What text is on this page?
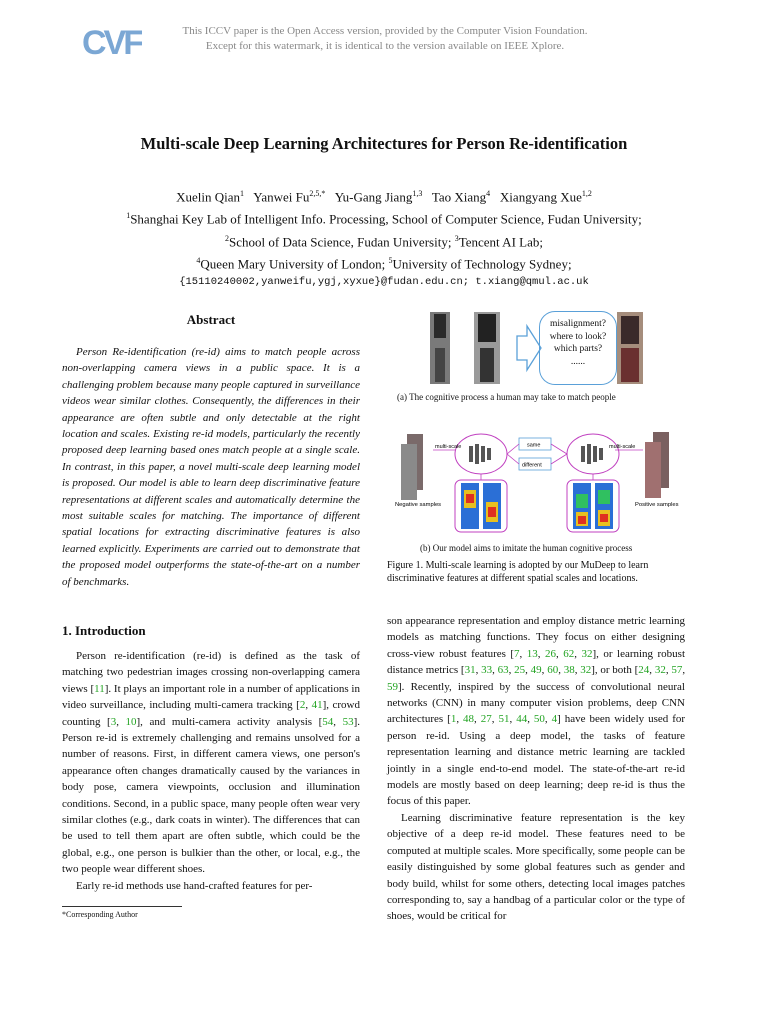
CVF	This ICCV paper is the Open Access version, provided by the Computer Vision Foundation.
Except for this watermark, it is identical to the version available on IEEE Xplore.
Multi-scale Deep Learning Architectures for Person Re-identification
Xuelin Qian$^1$ Yanwei $Fu^{2,5,*}$ Yu-Gang Jiang$^{1,3}$ Tao Xiang$^4$ Xiangyang Xue$^{1,2}$
$^1$Shanghai Key Lab of Intelligent Info. Processing, School of Computer Science, Fudan University;
$^2$School of Data Science, Fudan University; $^3$Tencent AI Lab;
$^4$Queen Mary University of London; $^5$University of Technology Sydney;
{15110240002,yanweifu,ygj,xyxue}@fudan.edu.cn; t.xiang@qmul.ac.uk
Abstract
Person Re-identification (re-id) aims to match people across non-overlapping camera views in a public space. It is a challenging problem because many people captured in surveillance videos wear similar clothes. Consequently, the differences in their appearance are often subtle and only detectable at the right location and scales. Existing re-id models, particularly the recently proposed deep learning based ones match people at a single scale. In contrast, in this paper, a novel multi-scale deep learning model is proposed. Our model is able to learn deep discriminative feature representations at different scales and automatically determine the most suitable scales for matching. The importance of different spatial locations for extracting discriminative features is also learned explicitly. Experiments are carried out to demonstrate that the proposed model outperforms the state-of-the-art on a number of benchmarks.
1. Introduction

Person re-identification (re-id) is defined as the task of matching two pedestrian images crossing non-overlapping camera views [11]. It plays an important role in a number of applications in video surveillance, including multi-camera tracking [2, 41], crowd counting [3, 10], and multi-camera activity analysis [54, 53]. Person re-id is extremely challenging and remains unsolved for a number of reasons. First, in different camera views, one person's appearance often changes dramatically caused by the variances in body pose, camera viewpoints, occlusion and illumination conditions. Second, in a public space, many people often wear very similar clothes (e.g., dark coats in winter). The differences that can be used to tell them apart are often subtle, which could be the global, e.g., one person is bulkier than the other, or local, e.g., the two people wear different shoes.

Early re-id methods use hand-crafted features for per-

*Corresponding Author
misalignment?
where to look?
which parts?
......
(a) The cognitive process a human may take to match people
multi-scale	multi-scale
same
different
Negative samples	Positive samples
(b) Our model aims to imitate the human cognitive process
Figure 1. Multi-scale learning is adopted by our MuDeep to learn discriminative features at different spatial scales and locations.

son appearance representation and employ distance metric learning models as matching functions. They focus on either designing cross-view robust features [7, 13, 26, 62, 32], or learning robust distance metrics [31, 33, 63, 25, 49, 60, 38, 32], or both [24, 32, 57, 59]. Recently, inspired by the success of convolutional neural networks (CNN) in many computer vision problems, deep CNN architectures [1, 48, 27, 51, 44, 50, 4] have been widely used for person re-id. Using a deep model, the tasks of feature representation learning and distance metric learning are tackled jointly in a single end-to-end model. The state-of-the-art re-id models are mostly based on deep learning; deep re-id is thus the focus of this paper.

Learning discriminative feature representation is the key objective of a deep re-id model. These features need to be computed at multiple scales. More specifically, some people can be easily distinguished by some global features such as gender and body build, whilst for some others, detecting local images patches corresponding to, say a handbag of a particular color or the type of shoes, would be critical for
